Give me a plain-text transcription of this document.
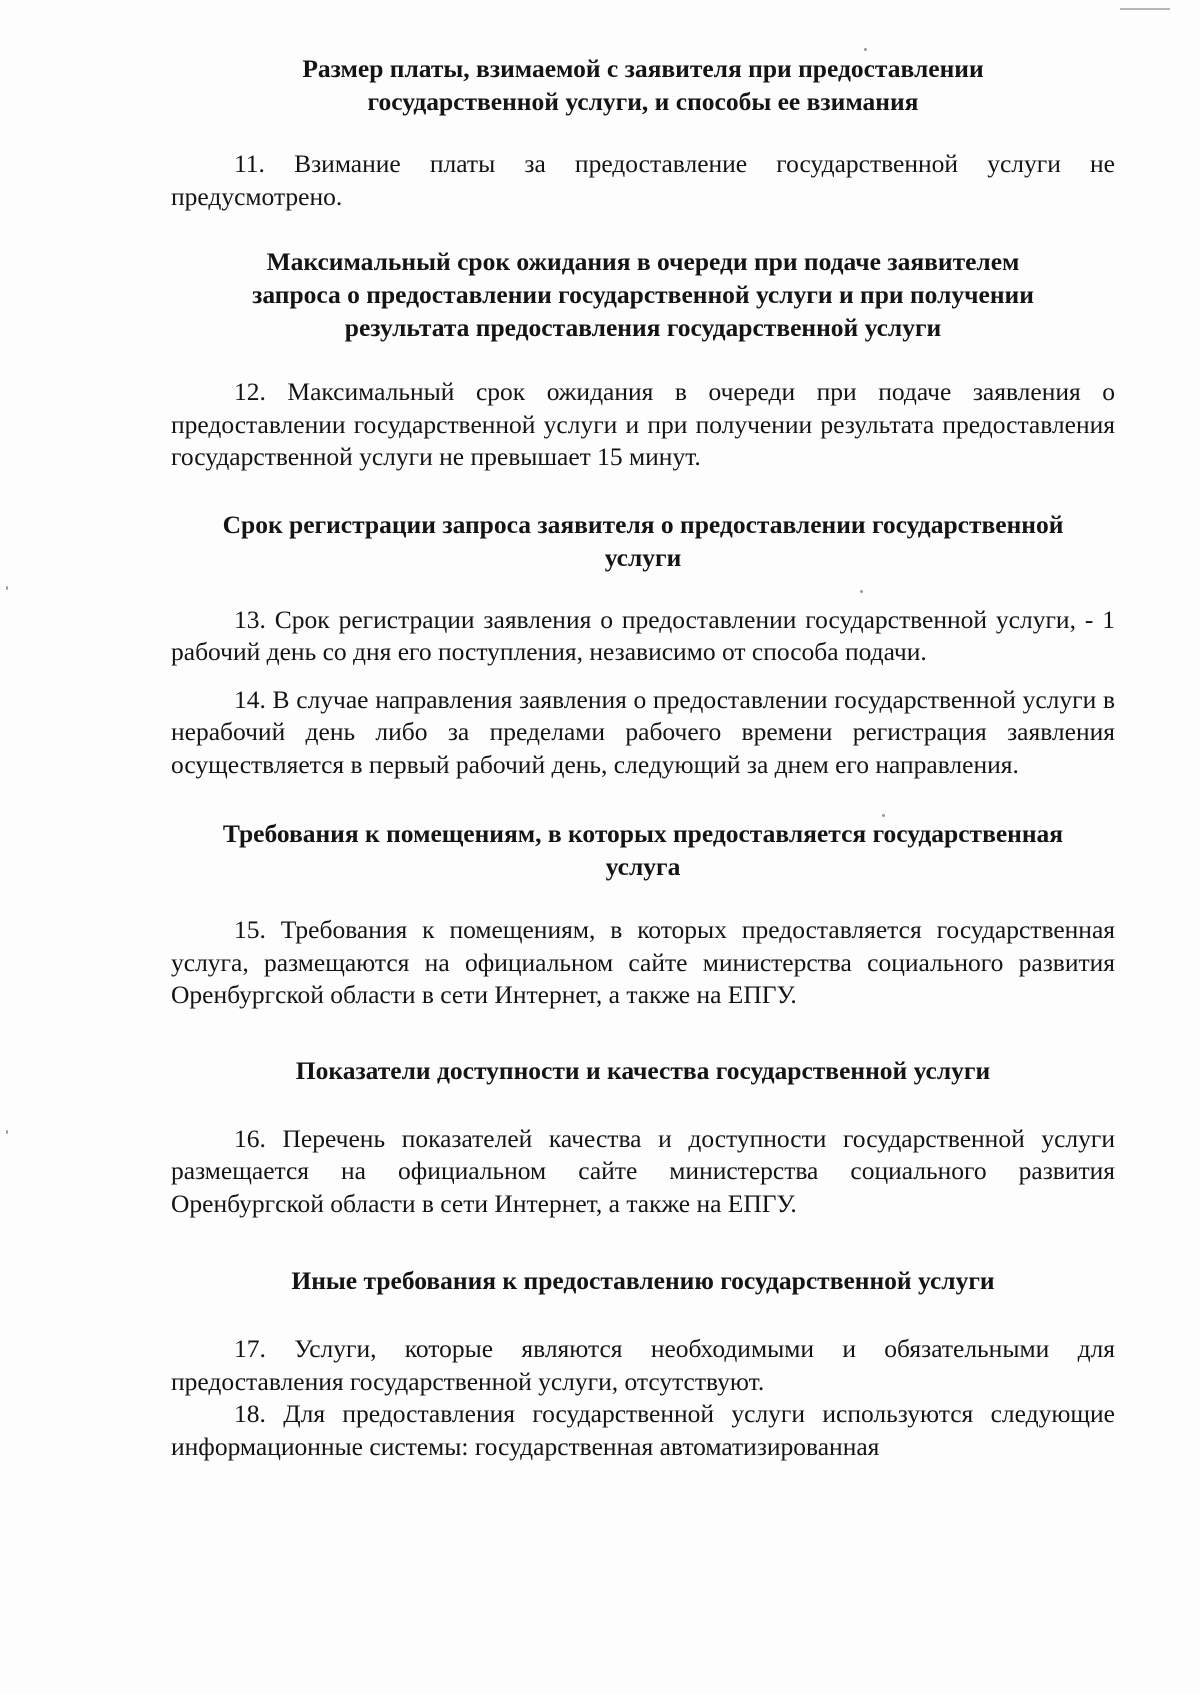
Размер платы, взимаемой с заявителя при предоставлении
государственной услуги, и способы ее взимания

11. Взимание платы за предоставление государственной услуги не предусмотрено.

Максимальный срок ожидания в очереди при подаче заявителем
запроса о предоставлении государственной услуги и при получении
результата предоставления государственной услуги

12. Максимальный срок ожидания в очереди при подаче заявления о предоставлении государственной услуги и при получении результата предоставления государственной услуги не превышает 15 минут.

Срок регистрации запроса заявителя о предоставлении государственной
услуги

13. Срок регистрации заявления о предоставлении государственной услуги, - 1 рабочий день со дня его поступления, независимо от способа подачи.

14. В случае направления заявления о предоставлении государственной услуги в нерабочий день либо за пределами рабочего времени регистрация заявления осуществляется в первый рабочий день, следующий за днем его направления.

Требования к помещениям, в которых предоставляется государственная
услуга

15. Требования к помещениям, в которых предоставляется государственная услуга, размещаются на официальном сайте министерства социального развития Оренбургской области в сети Интернет, а также на ЕПГУ.

Показатели доступности и качества государственной услуги

16. Перечень показателей качества и доступности государственной услуги размещается на официальном сайте министерства социального развития Оренбургской области в сети Интернет, а также на ЕПГУ.

Иные требования к предоставлению государственной услуги

17. Услуги, которые являются необходимыми и обязательными для предоставления государственной услуги, отсутствуют.

18. Для предоставления государственной услуги используются следующие информационные системы: государственная автоматизированная
